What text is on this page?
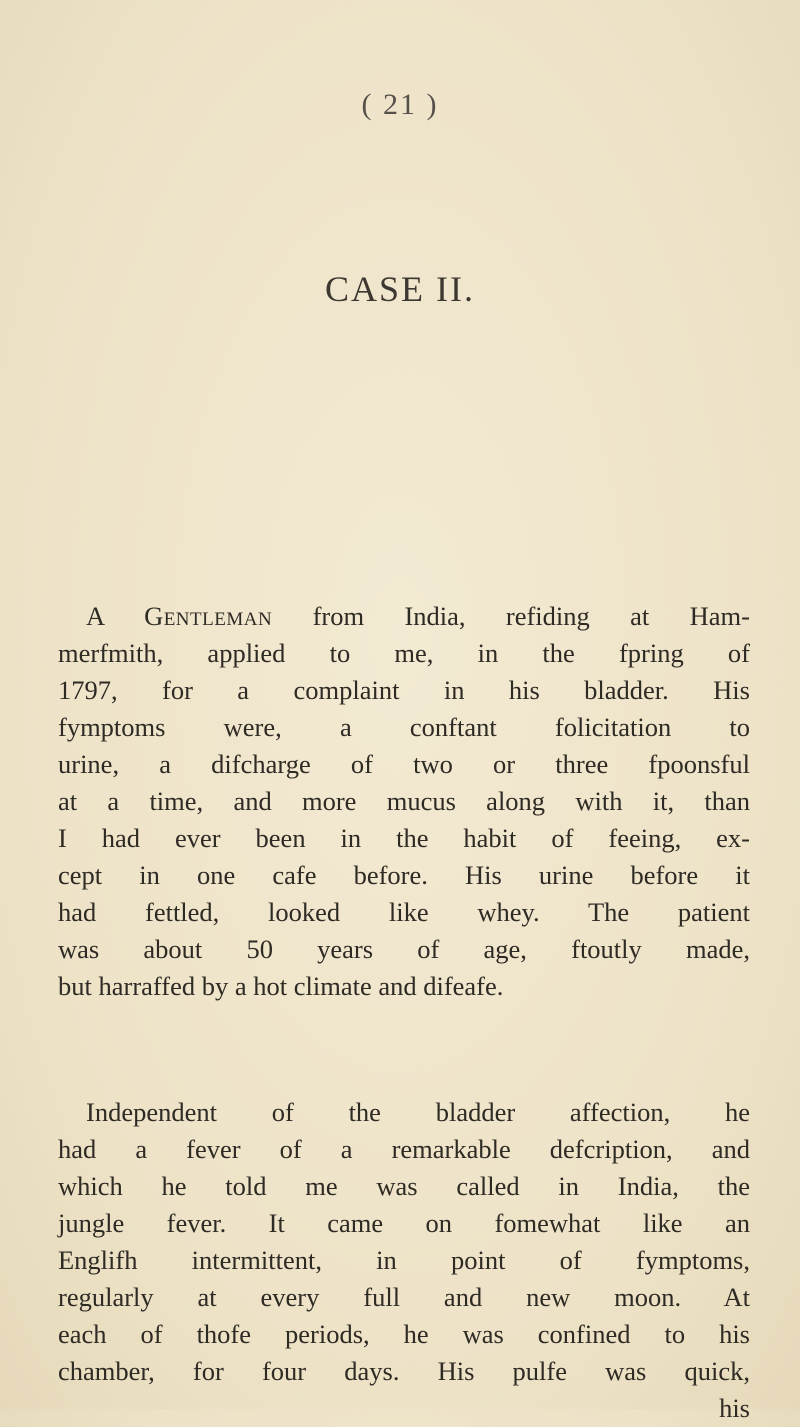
( 21 )
CASE II.
A Gentleman from India, refiding at Ham-
merfmith, applied to me, in the fpring of
1797, for a complaint in his bladder. His
fymptoms were, a conftant folicitation to
urine, a difcharge of two or three fpoonsful
at a time, and more mucus along with it, than
I had ever been in the habit of feeing, ex-
cept in one cafe before. His urine before it
had fettled, looked like whey. The patient
was about 50 years of age, ftoutly made,
but harraffed by a hot climate and difeafe.
Independent of the bladder affection, he
had a fever of a remarkable defcription, and
which he told me was called in India, the
jungle fever. It came on fomewhat like an
Englifh intermittent, in point of fymptoms,
regularly at every full and new moon. At
each of thofe periods, he was confined to his
chamber, for four days. His pulfe was quick,
his
